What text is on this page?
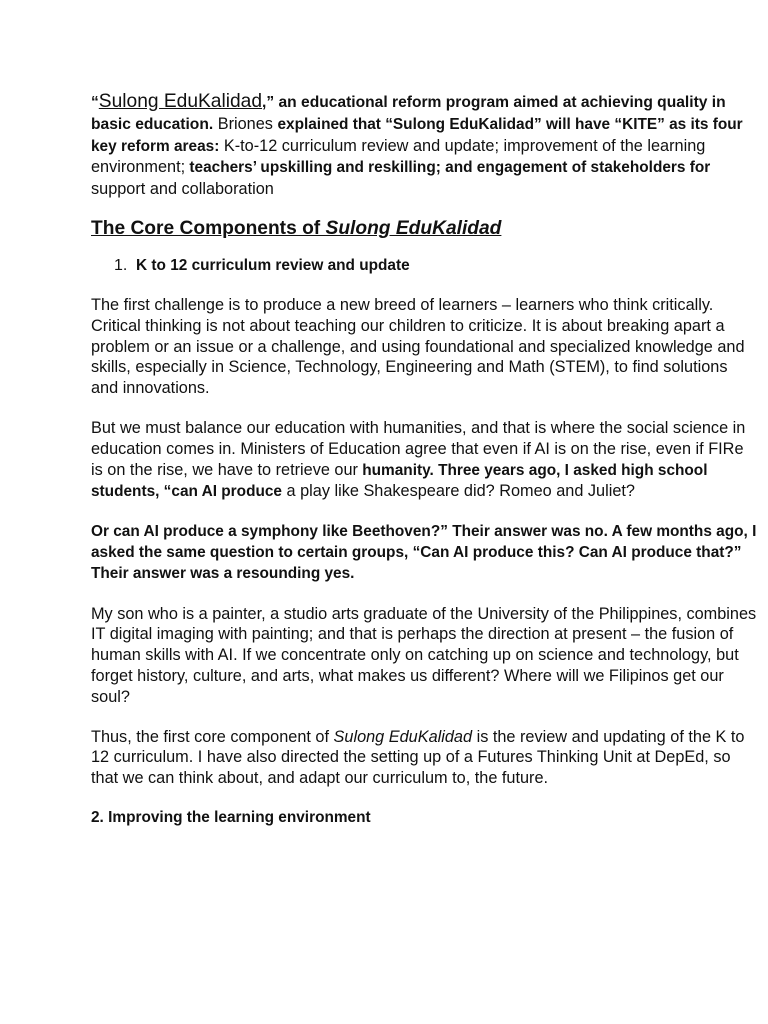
“Sulong EduKalidad,” an educational reform program aimed at achieving quality in basic education. Briones explained that “Sulong EduKalidad” will have “KITE” as its four key reform areas: K-to-12 curriculum review and update; improvement of the learning environment; teachers’ upskilling and reskilling; and engagement of stakeholders for support and collaboration

The Core Components of Sulong EduKalidad

1. K to 12 curriculum review and update

The first challenge is to produce a new breed of learners – learners who think critically. Critical thinking is not about teaching our children to criticize. It is about breaking apart a problem or an issue or a challenge, and using foundational and specialized knowledge and skills, especially in Science, Technology, Engineering and Math (STEM), to find solutions and innovations.

But we must balance our education with humanities, and that is where the social science in education comes in. Ministers of Education agree that even if AI is on the rise, even if FIRe is on the rise, we have to retrieve our humanity. Three years ago, I asked high school students, “can AI produce a play like Shakespeare did? Romeo and Juliet?

Or can AI produce a symphony like Beethoven?” Their answer was no. A few months ago, I asked the same question to certain groups, “Can AI produce this? Can AI produce that?” Their answer was a resounding yes.

My son who is a painter, a studio arts graduate of the University of the Philippines, combines IT digital imaging with painting; and that is perhaps the direction at present – the fusion of human skills with AI. If we concentrate only on catching up on science and technology, but forget history, culture, and arts, what makes us different? Where will we Filipinos get our soul?

Thus, the first core component of Sulong EduKalidad is the review and updating of the K to 12 curriculum. I have also directed the setting up of a Futures Thinking Unit at DepEd, so that we can think about, and adapt our curriculum to, the future.

2. Improving the learning environment
